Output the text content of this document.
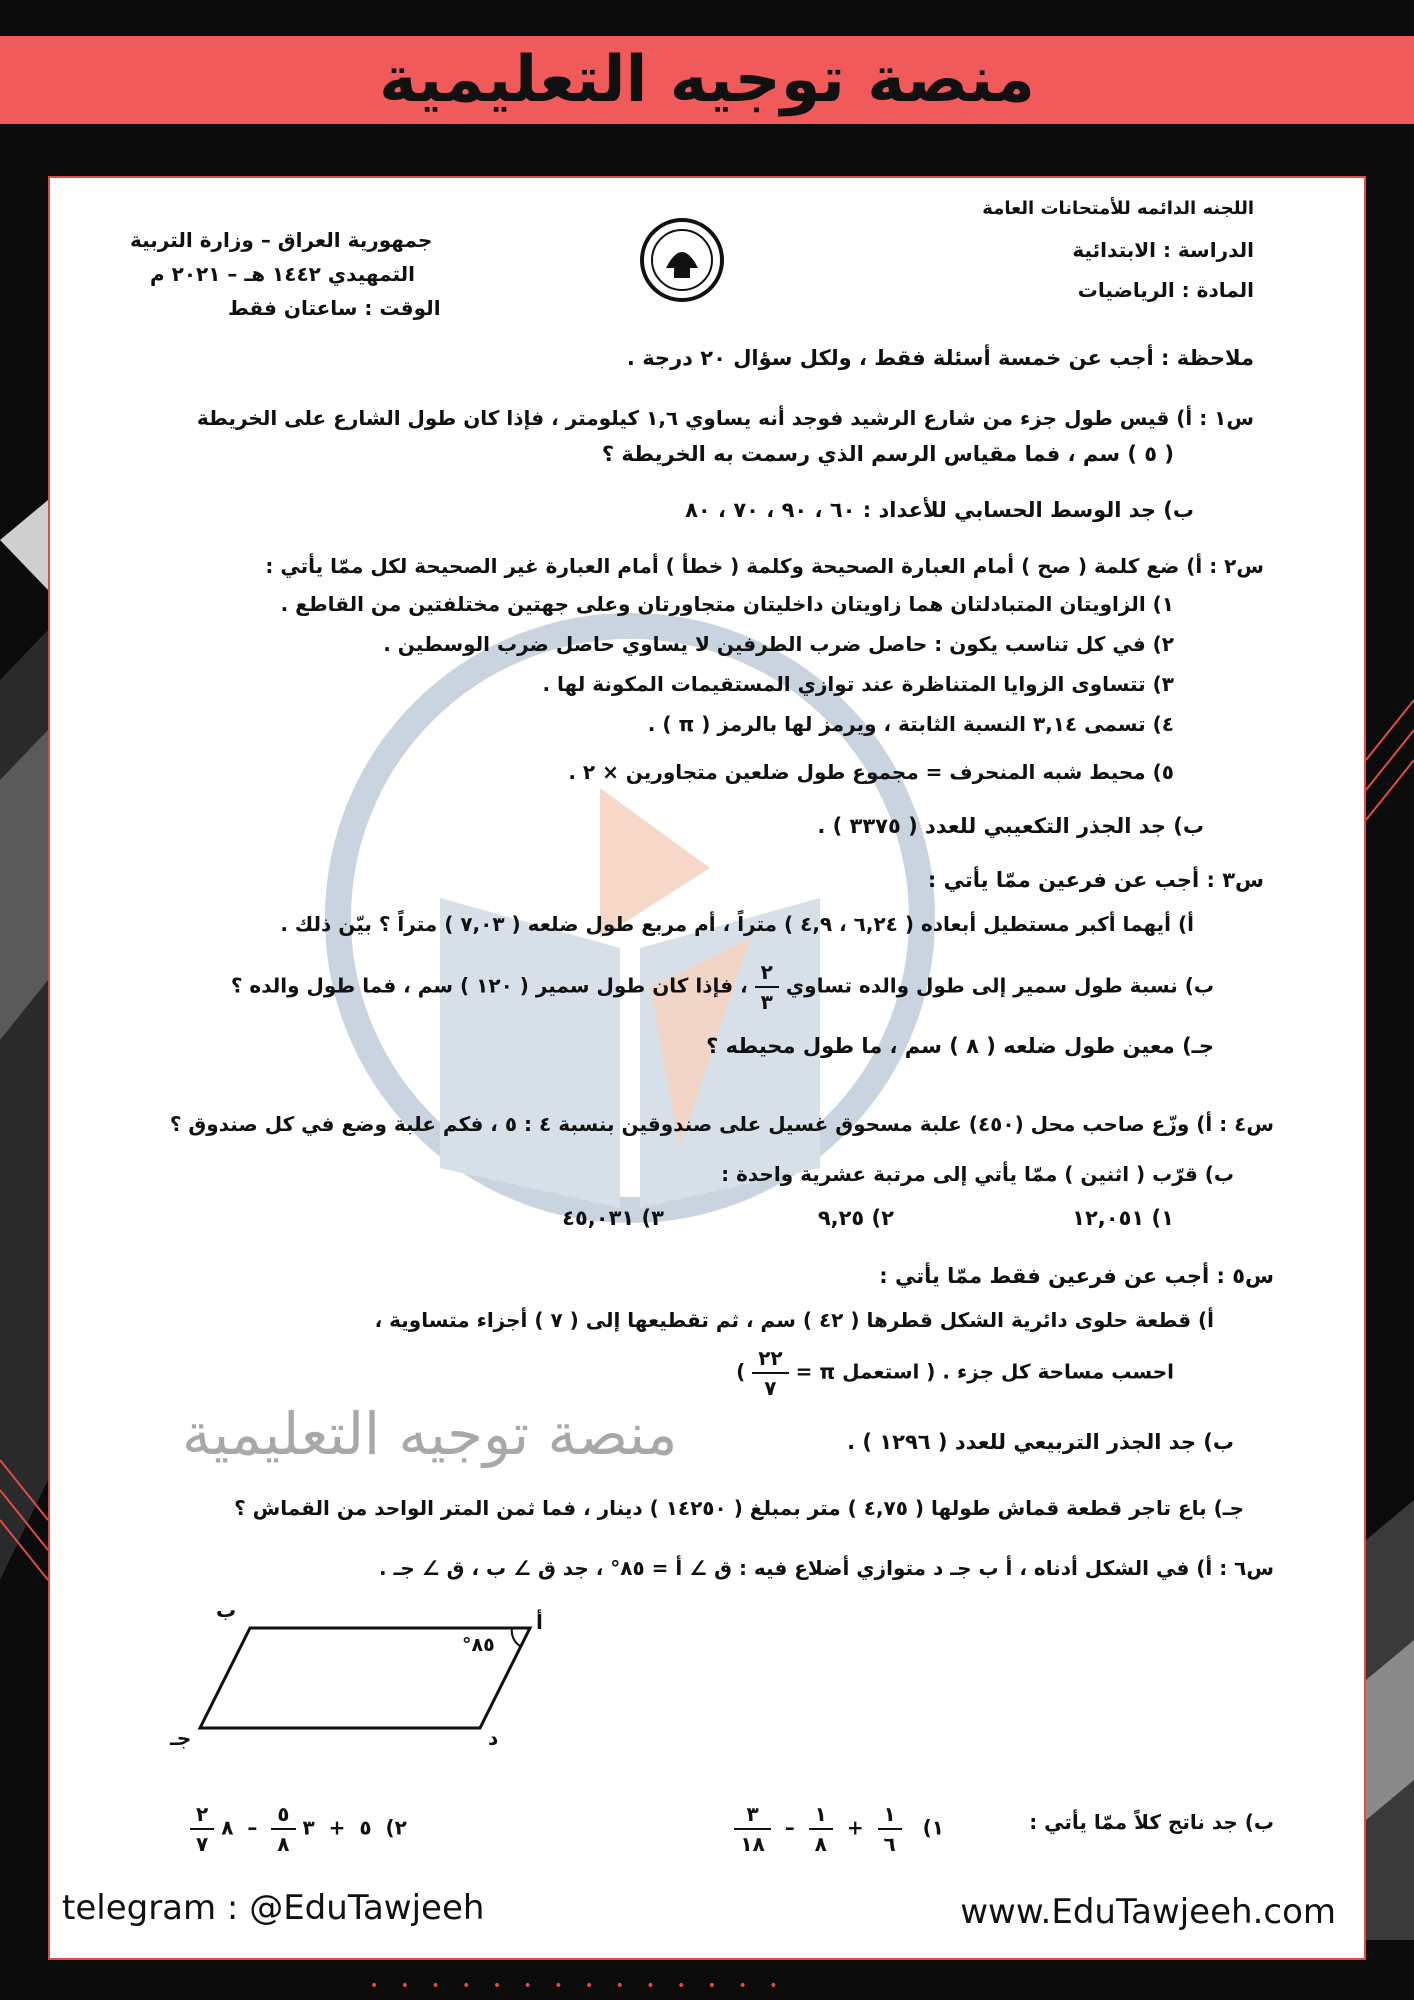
منصة توجيه التعليمية
اللجنه الدائمه للأمتحانات العامة
الدراسة : الابتدائية
المادة : الرياضيات
جمهورية العراق – وزارة التربية
التمهيدي ١٤٤٢ هـ – ٢٠٢١ م
الوقت : ساعتان فقط
ملاحظة : أجب عن خمسة أسئلة فقط ، ولكل سؤال ٢٠ درجة .
س١ : أ) قيس طول جزء من شارع الرشيد فوجد أنه يساوي ١,٦ كيلومتر ، فإذا كان طول الشارع على الخريطة
( ٥ ) سم ، فما مقياس الرسم الذي رسمت به الخريطة ؟
ب) جد الوسط الحسابي للأعداد : ٦٠ ، ٩٠ ، ٧٠ ، ٨٠
س٢ : أ) ضع كلمة ( صح ) أمام العبارة الصحيحة وكلمة ( خطأ ) أمام العبارة غير الصحيحة لكل ممّا يأتي :
١) الزاويتان المتبادلتان هما زاويتان داخليتان متجاورتان وعلى جهتين مختلفتين من القاطع .
٢) في كل تناسب يكون : حاصل ضرب الطرفين لا يساوي حاصل ضرب الوسطين .
٣) تتساوى الزوايا المتناظرة عند توازي المستقيمات المكونة لها .
٤) تسمى ٣,١٤ النسبة الثابتة ، ويرمز لها بالرمز ( π ) .
٥) محيط شبه المنحرف = مجموع طول ضلعين متجاورين × ٢ .
ب) جد الجذر التكعيبي للعدد ( ٣٣٧٥ ) .
س٣ : أجب عن فرعين ممّا يأتي :
أ) أيهما أكبر مستطيل أبعاده ( ٦,٢٤ ، ٤,٩ ) متراً ، أم مربع طول ضلعه ( ٧,٠٣ ) متراً ؟ بيّن ذلك .
ب) نسبة طول سمير إلى طول والده تساوي
$\frac{٢}{٣}$
، فإذا كان طول سمير ( ١٢٠ ) سم ، فما طول والده ؟
جـ) معين طول ضلعه ( ٨ ) سم ، ما طول محيطه ؟
س٤ : أ) وزّع صاحب محل (٤٥٠) علبة مسحوق غسيل على صندوقين بنسبة ٤ : ٥ ، فكم علبة وضع في كل صندوق ؟
ب) قرّب ( اثنين ) ممّا يأتي إلى مرتبة عشرية واحدة :
١) ١٢,٠٥١
٢) ٩,٢٥
٣) ٤٥,٠٣١
س٥ : أجب عن فرعين فقط ممّا يأتي :
أ) قطعة حلوى دائرية الشكل قطرها ( ٤٢ ) سم ، ثم تقطيعها إلى ( ٧ ) أجزاء متساوية ،
احسب مساحة كل جزء . ( استعمل π =
$\frac{٢٢}{٧}$
)
ب) جد الجذر التربيعي للعدد ( ١٢٩٦ ) .
جـ) باع تاجر قطعة قماش طولها ( ٤,٧٥ ) متر بمبلغ ( ١٤٢٥٠ ) دينار ، فما ثمن المتر الواحد من القماش ؟
س٦ : أ) في الشكل أدناه ، أ ب جـ د متوازي أضلاع فيه : ق ∠ أ = ٨٥° ، جد ق ∠ ب ، ق ∠ جـ .
أ
ب
جـ	د
٨٥°
ب) جد ناتج كلاً ممّا يأتي :
١)
$\frac{١}{٦}$
+
$\frac{١}{٨}$
–
$\frac{٣}{١٨}$
٢)  ٥  +  ٣
$\frac{٥}{٨}$
–  ٨
$\frac{٢}{٧}$
منصة توجيه التعليمية
telegram : @EduTawjeeh	www.EduTawjeeh.com
• • • • • • • • • • • • • •
